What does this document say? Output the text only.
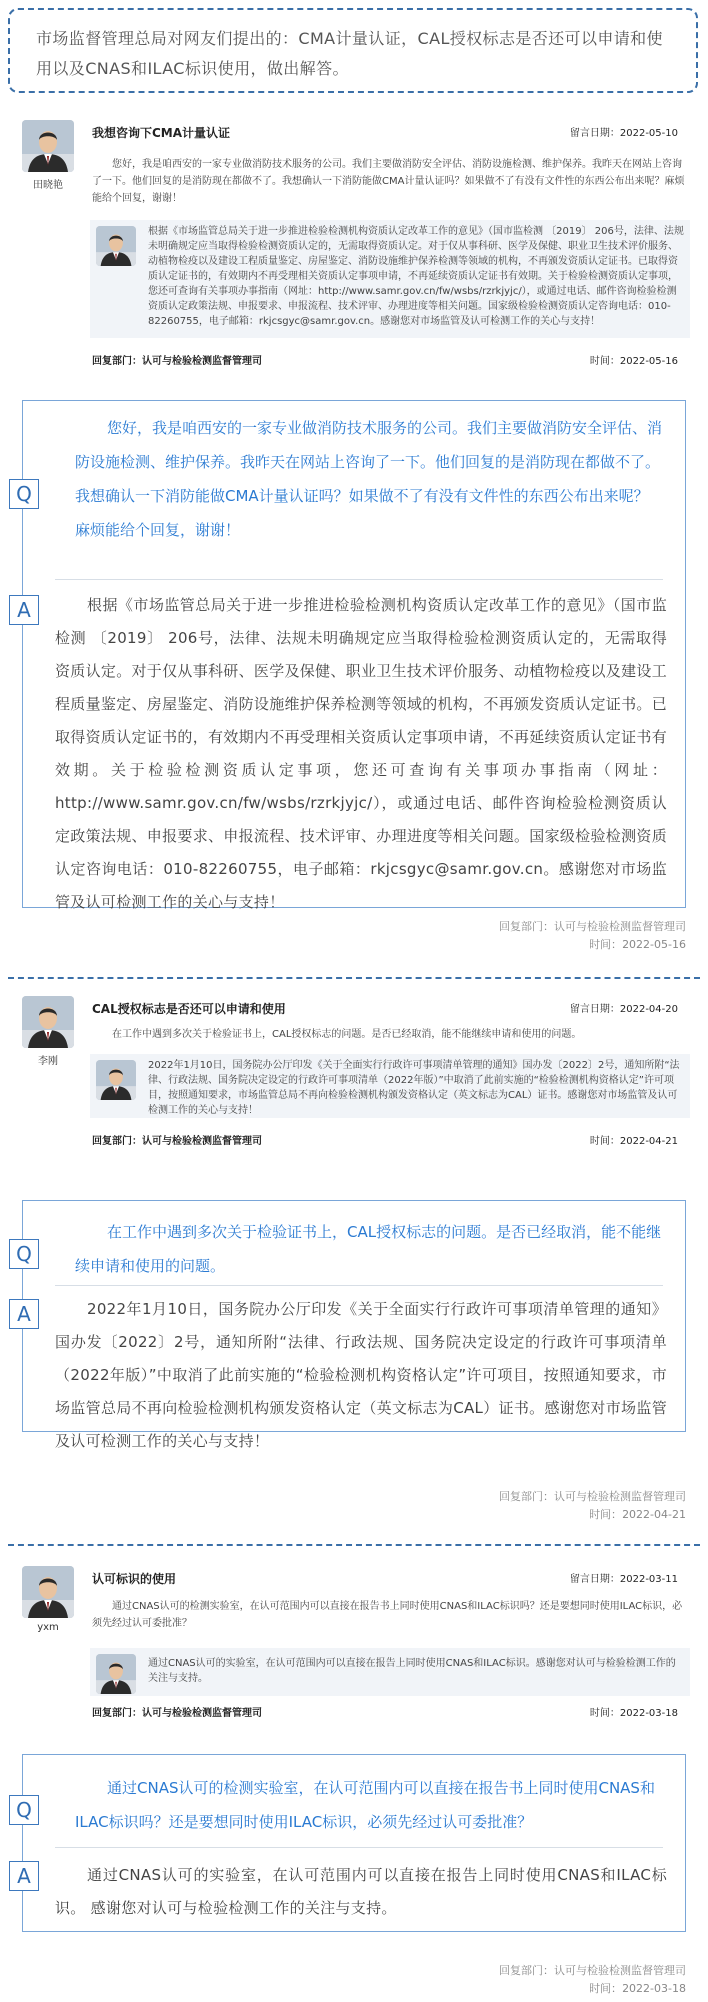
市场监督管理总局对网友们提出的：CMA计量认证，CAL授权标志是否还可以申请和使用以及CNAS和ILAC标识使用，做出解答。
田晓艳
我想咨询下CMA计量认证	留言日期：2022-05-10
您好，我是咱西安的一家专业做消防技术服务的公司。我们主要做消防安全评估、消防设施检测、维护保养。我昨天在网站上咨询了一下。他们回复的是消防现在都做不了。我想确认一下消防能做CMA计量认证吗？如果做不了有没有文件性的东西公布出来呢？麻烦能给个回复，谢谢！
根据《市场监管总局关于进一步推进检验检测机构资质认定改革工作的意见》（国市监检测 〔2019〕 206号，法律、法规未明确规定应当取得检验检测资质认定的，无需取得资质认定。对于仅从事科研、医学及保健、职业卫生技术评价服务、动植物检疫以及建设工程质量鉴定、房屋鉴定、消防设施维护保养检测等领域的机构，不再颁发资质认定证书。已取得资质认定证书的，有效期内不再受理相关资质认定事项申请，不再延续资质认定证书有效期。关于检验检测资质认定事项，您还可查询有关事项办事指南（网址：http://www.samr.gov.cn/fw/wsbs/rzrkjyjc/），或通过电话、邮件咨询检验检测资质认定政策法规、申报要求、申报流程、技术评审、办理进度等相关问题。国家级检验检测资质认定咨询电话：010-82260755，电子邮箱：rkjcsgyc@samr.gov.cn。感谢您对市场监管及认可检测工作的关心与支持！
回复部门：认可与检验检测监督管理司	时间：2022-05-16
Q
您好，我是咱西安的一家专业做消防技术服务的公司。我们主要做消防安全评估、消防设施检测、维护保养。我昨天在网站上咨询了一下。他们回复的是消防现在都做不了。我想确认一下消防能做CMA计量认证吗？如果做不了有没有文件性的东西公布出来呢？麻烦能给个回复，谢谢！
A	根据《市场监管总局关于进一步推进检验检测机构资质认定改革工作的意见》（国市监检测 〔2019〕 206号，法律、法规未明确规定应当取得检验检测资质认定的，无需取得资质认定。对于仅从事科研、医学及保健、职业卫生技术评价服务、动植物检疫以及建设工程质量鉴定、房屋鉴定、消防设施维护保养检测等领域的机构，不再颁发资质认定证书。已取得资质认定证书的，有效期内不再受理相关资质认定事项申请，不再延续资质认定证书有效期。关于检验检测资质认定事项，您还可查询有关事项办事指南（网址：http://www.samr.gov.cn/fw/wsbs/rzrkjyjc/），或通过电话、邮件咨询检验检测资质认定政策法规、申报要求、申报流程、技术评审、办理进度等相关问题。国家级检验检测资质认定咨询电话：010-82260755，电子邮箱：rkjcsgyc@samr.gov.cn。感谢您对市场监管及认可检测工作的关心与支持！
回复部门：认可与检验检测监督管理司
时间：2022-05-16
李刚
CAL授权标志是否还可以申请和使用	留言日期：2022-04-20
在工作中遇到多次关于检验证书上，CAL授权标志的问题。是否已经取消，能不能继续申请和使用的问题。
2022年1月10日，国务院办公厅印发《关于全面实行行政许可事项清单管理的通知》国办发〔2022〕2号，通知所附“法律、行政法规、国务院决定设定的行政许可事项清单（2022年版）”中取消了此前实施的“检验检测机构资格认定”许可项目，按照通知要求，市场监管总局不再向检验检测机构颁发资格认定（英文标志为CAL）证书。感谢您对市场监管及认可检测工作的关心与支持！
回复部门：认可与检验检测监督管理司	时间：2022-04-21
Q
在工作中遇到多次关于检验证书上，CAL授权标志的问题。是否已经取消，能不能继续申请和使用的问题。
A	2022年1月10日，国务院办公厅印发《关于全面实行行政许可事项清单管理的通知》国办发〔2022〕2号，通知所附“法律、行政法规、国务院决定设定的行政许可事项清单（2022年版）”中取消了此前实施的“检验检测机构资格认定”许可项目，按照通知要求，市场监管总局不再向检验检测机构颁发资格认定（英文标志为CAL）证书。感谢您对市场监管及认可检测工作的关心与支持！
回复部门：认可与检验检测监督管理司
时间：2022-04-21
yxm
认可标识的使用	留言日期：2022-03-11
通过CNAS认可的检测实验室，在认可范围内可以直接在报告书上同时使用CNAS和ILAC标识吗？还是要想同时使用ILAC标识，必须先经过认可委批准？
通过CNAS认可的实验室，在认可范围内可以直接在报告上同时使用CNAS和ILAC标识。感谢您对认可与检验检测工作的关注与支持。
回复部门：认可与检验检测监督管理司	时间：2022-03-18
Q
通过CNAS认可的检测实验室，在认可范围内可以直接在报告书上同时使用CNAS和ILAC标识吗？还是要想同时使用ILAC标识，必须先经过认可委批准？
A	通过CNAS认可的实验室，在认可范围内可以直接在报告上同时使用CNAS和ILAC标识。 感谢您对认可与检验检测工作的关注与支持。
回复部门：认可与检验检测监督管理司
时间：2022-03-18
